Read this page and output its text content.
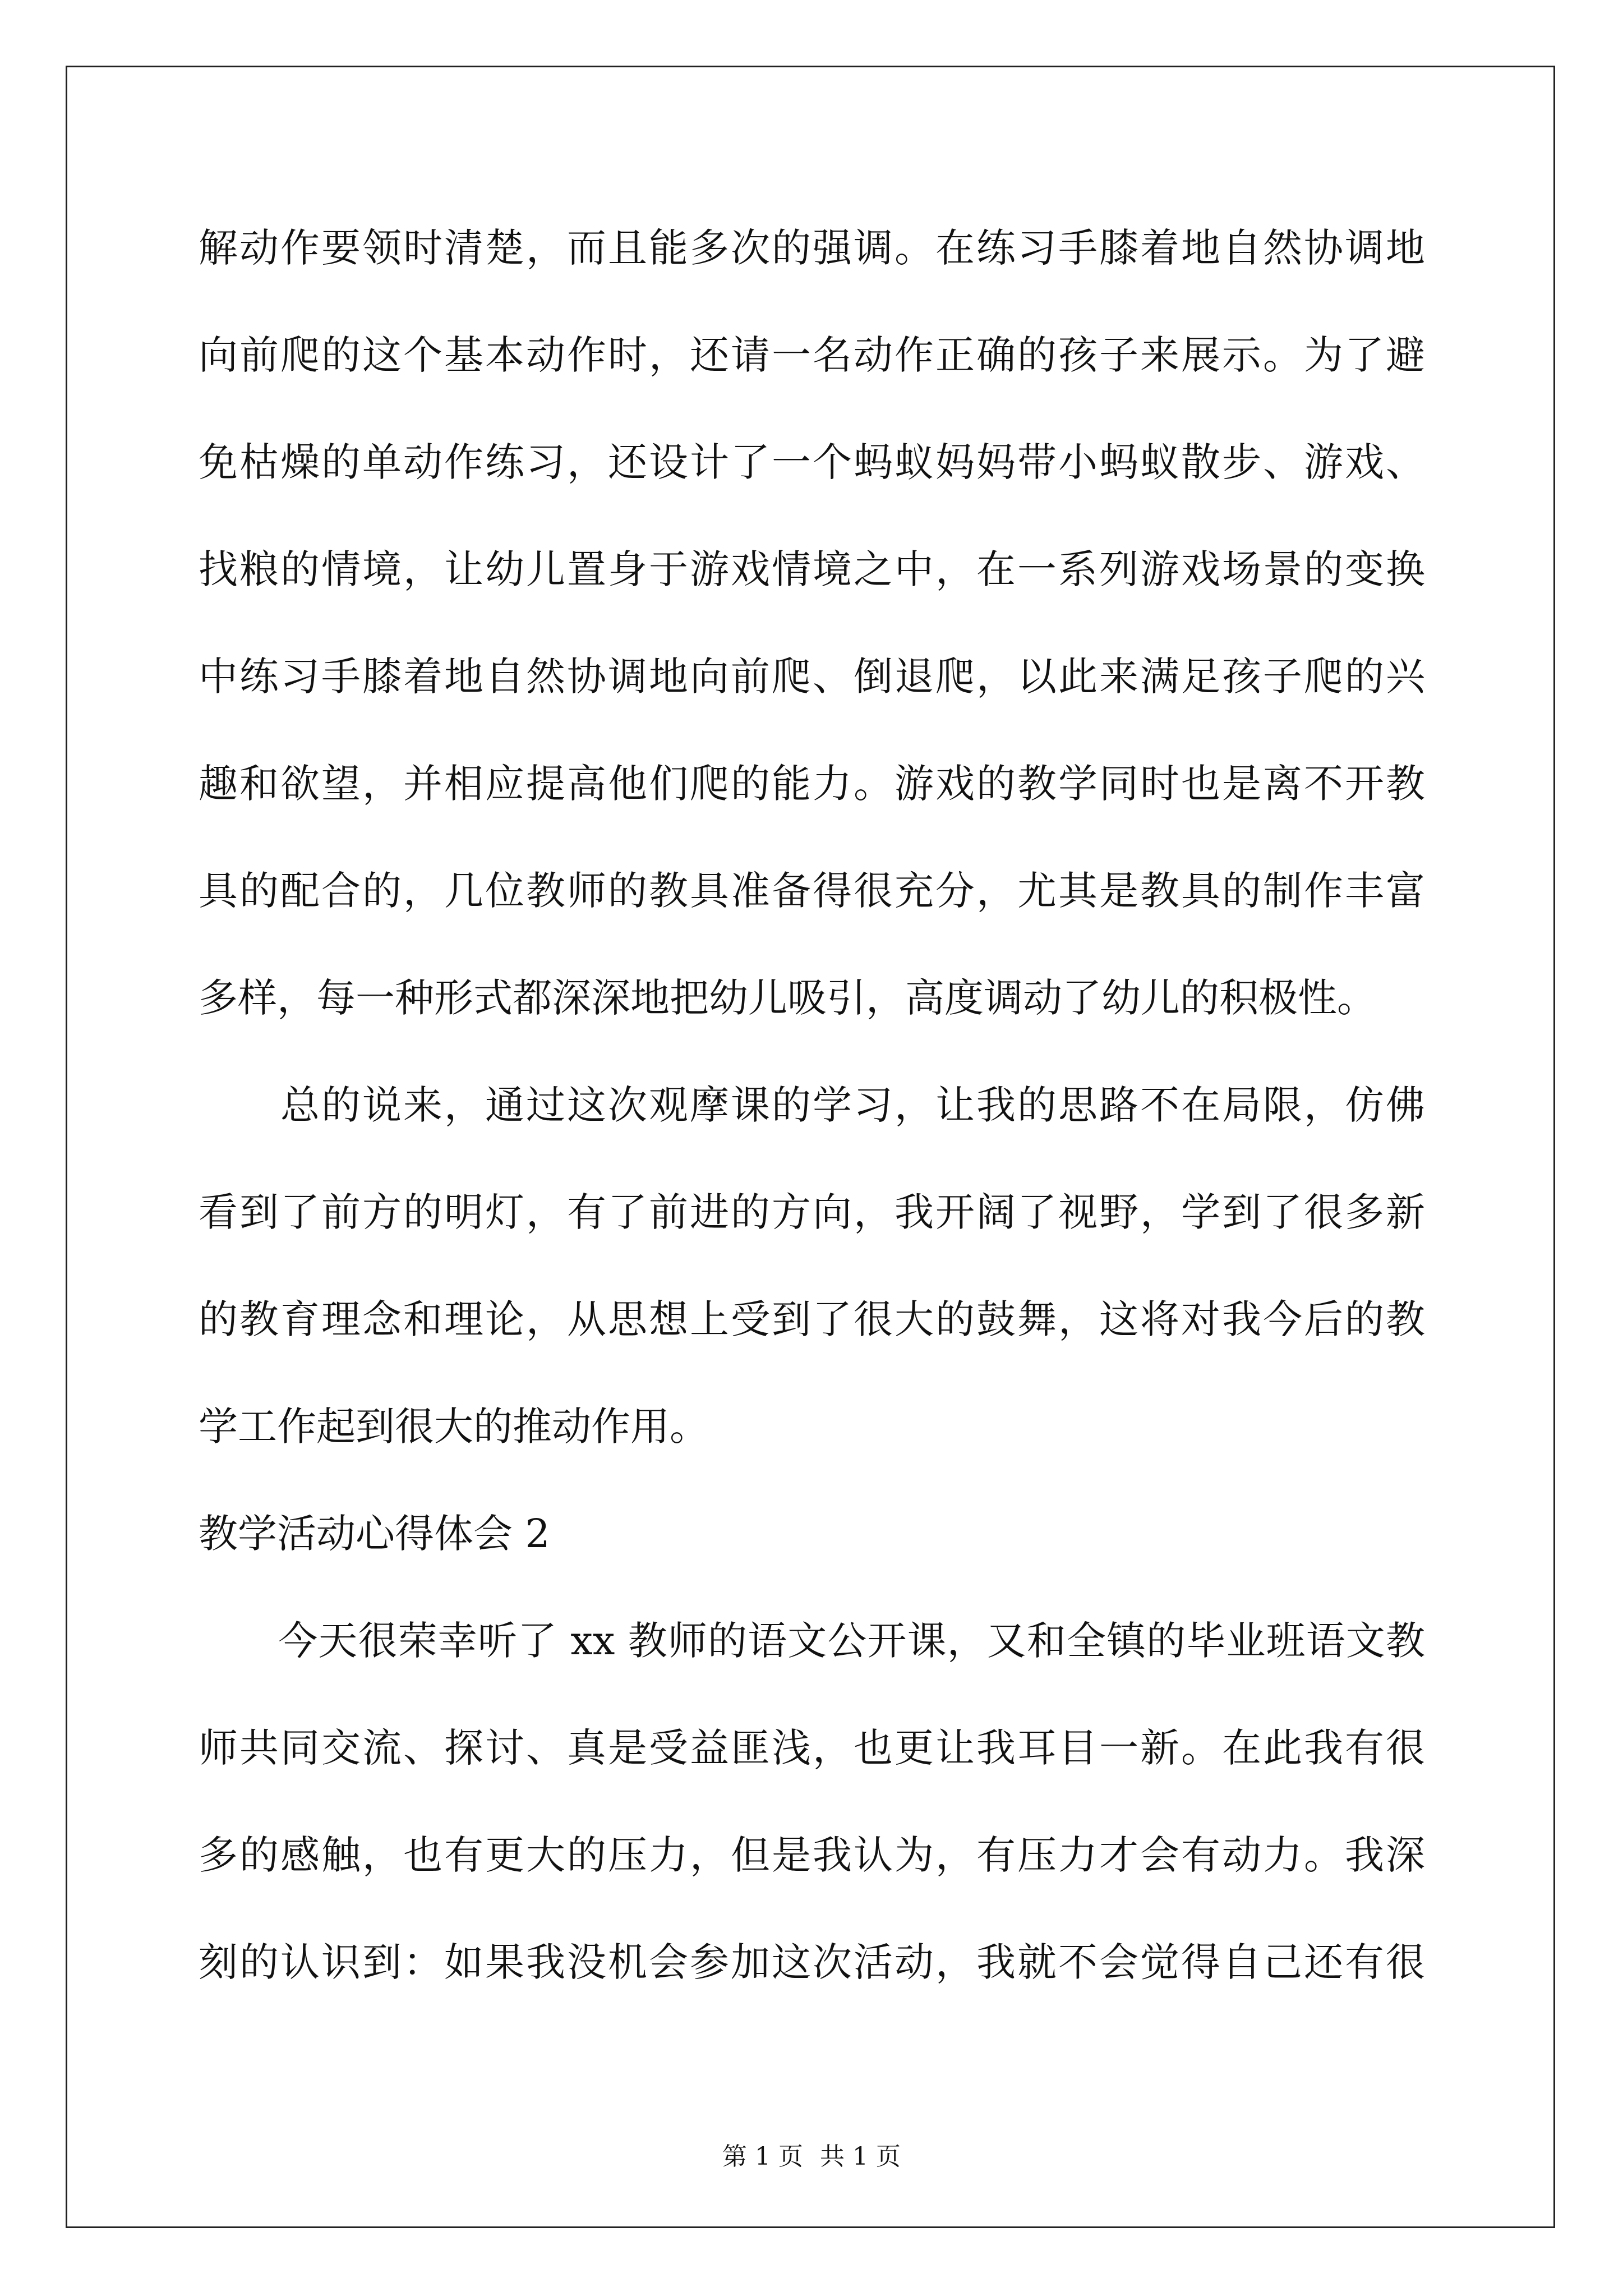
解动作要领时清楚，而且能多次的强调。在练习手膝着地自然协调地
向前爬的这个基本动作时，还请一名动作正确的孩子来展示。为了避
免枯燥的单动作练习，还设计了一个蚂蚁妈妈带小蚂蚁散步、游戏、
找粮的情境，让幼儿置身于游戏情境之中，在一系列游戏场景的变换
中练习手膝着地自然协调地向前爬、倒退爬，以此来满足孩子爬的兴
趣和欲望，并相应提高他们爬的能力。游戏的教学同时也是离不开教
具的配合的，几位教师的教具准备得很充分，尤其是教具的制作丰富
多样，每一种形式都深深地把幼儿吸引，高度调动了幼儿的积极性。
　　总的说来，通过这次观摩课的学习，让我的思路不在局限，仿佛
看到了前方的明灯，有了前进的方向，我开阔了视野，学到了很多新
的教育理念和理论，从思想上受到了很大的鼓舞，这将对我今后的教
学工作起到很大的推动作用。
教学活动心得体会 2
　　今天很荣幸听了 xx 教师的语文公开课，又和全镇的毕业班语文教
师共同交流、探讨、真是受益匪浅，也更让我耳目一新。在此我有很
多的感触，也有更大的压力，但是我认为，有压力才会有动力。我深
刻的认识到：如果我没机会参加这次活动，我就不会觉得自己还有很
第 1 页 共 1 页
